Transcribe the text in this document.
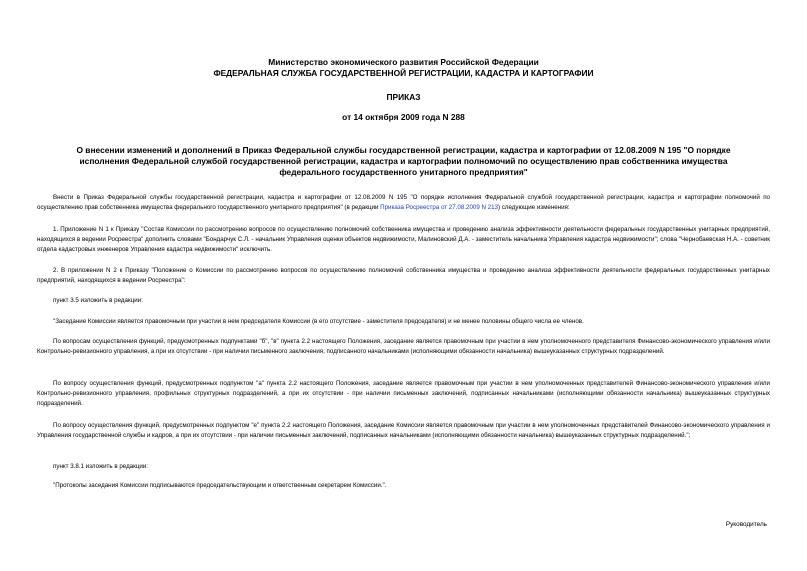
Министерство экономического развития Российской Федерации
ФЕДЕРАЛЬНАЯ СЛУЖБА ГОСУДАРСТВЕННОЙ РЕГИСТРАЦИИ, КАДАСТРА И КАРТОГРАФИИ
ПРИКАЗ
от 14 октября 2009 года N 288
О внесении изменений и дополнений в Приказ Федеральной службы государственной регистрации, кадастра и картографии от 12.08.2009 N 195 "О порядке исполнения Федеральной службой государственной регистрации, кадастра и картографии полномочий по осуществлению прав собственника имущества федерального государственного унитарного предприятия"
Внести в Приказ Федеральной службы государственной регистрации, кадастра и картографии от 12.08.2009 N 195 "О порядке исполнения Федеральной службой государственной регистрации, кадастра и картографии полномочий по осуществлению прав собственника имущества федерального государственного унитарного предприятия" (в редакции Приказа Росреестра от 27.08.2009 N 213) следующие изменения:
1. Приложение N 1 к Приказу "Состав Комиссии по рассмотрению вопросов по осуществлению полномочий собственника имущества и проведению анализа эффективности деятельности федеральных государственных унитарных предприятий, находящихся в ведении Росреестра" дополнить словами "Бондарчук С.Л. - начальник Управления оценки объектов недвижимости, Малиновский Д.А. - заместитель начальника Управления кадастра недвижимости"; слова "Чернобаевская Н.А. - советник отдела кадастровых инженеров Управления кадастра недвижимости" исключить.
2. В приложении N 2 к Приказу "Положение о Комиссии по рассмотрению вопросов по осуществлению полномочий собственника имущества и проведению анализа эффективности деятельности федеральных государственных унитарных предприятий, находящихся в ведении Росреестра":
пункт 3.5 изложить в редакции:
"Заседание Комиссии является правомочным при участии в нем председателя Комиссии (в его отсутствие - заместителя председателя) и не менее половины общего числа ее членов.
По вопросам осуществления функций, предусмотренных подпунктами "б", "в" пункта 2.2 настоящего Положения, заседание является правомочным при участии в нем уполномоченного представителя Финансово-экономического управления и/или Контрольно-ревизионного управления, а при их отсутствии - при наличии письменного заключения, подписанного начальниками (исполняющими обязанности начальника) вышеуказанных структурных подразделений.
По вопросу осуществления функций, предусмотренных подпунктом "а" пункта 2.2 настоящего Положения, заседание является правомочным при участии в нем уполномоченных представителей Финансово-экономического управления и/или Контрольно-ревизионного управления, профильных структурных подразделений, а при их отсутствии - при наличии письменных заключений, подписанных начальниками (исполняющими обязанности начальника) вышеуказанных структурных подразделений.
По вопросу осуществления функций, предусмотренных подпунктом "е" пункта 2.2 настоящего Положения, заседание Комиссии является правомочным при участии в нем уполномоченных представителей Финансово-экономического управления и Управления государственной службы и кадров, а при их отсутствии - при наличии письменных заключений, подписанных начальниками (исполняющими обязанности начальника) вышеуказанных структурных подразделений.";
пункт 3.8.1 изложить в редакции:
"Протоколы заседания Комиссии подписываются председательствующим и ответственным секретарем Комиссии.".
Руководитель
